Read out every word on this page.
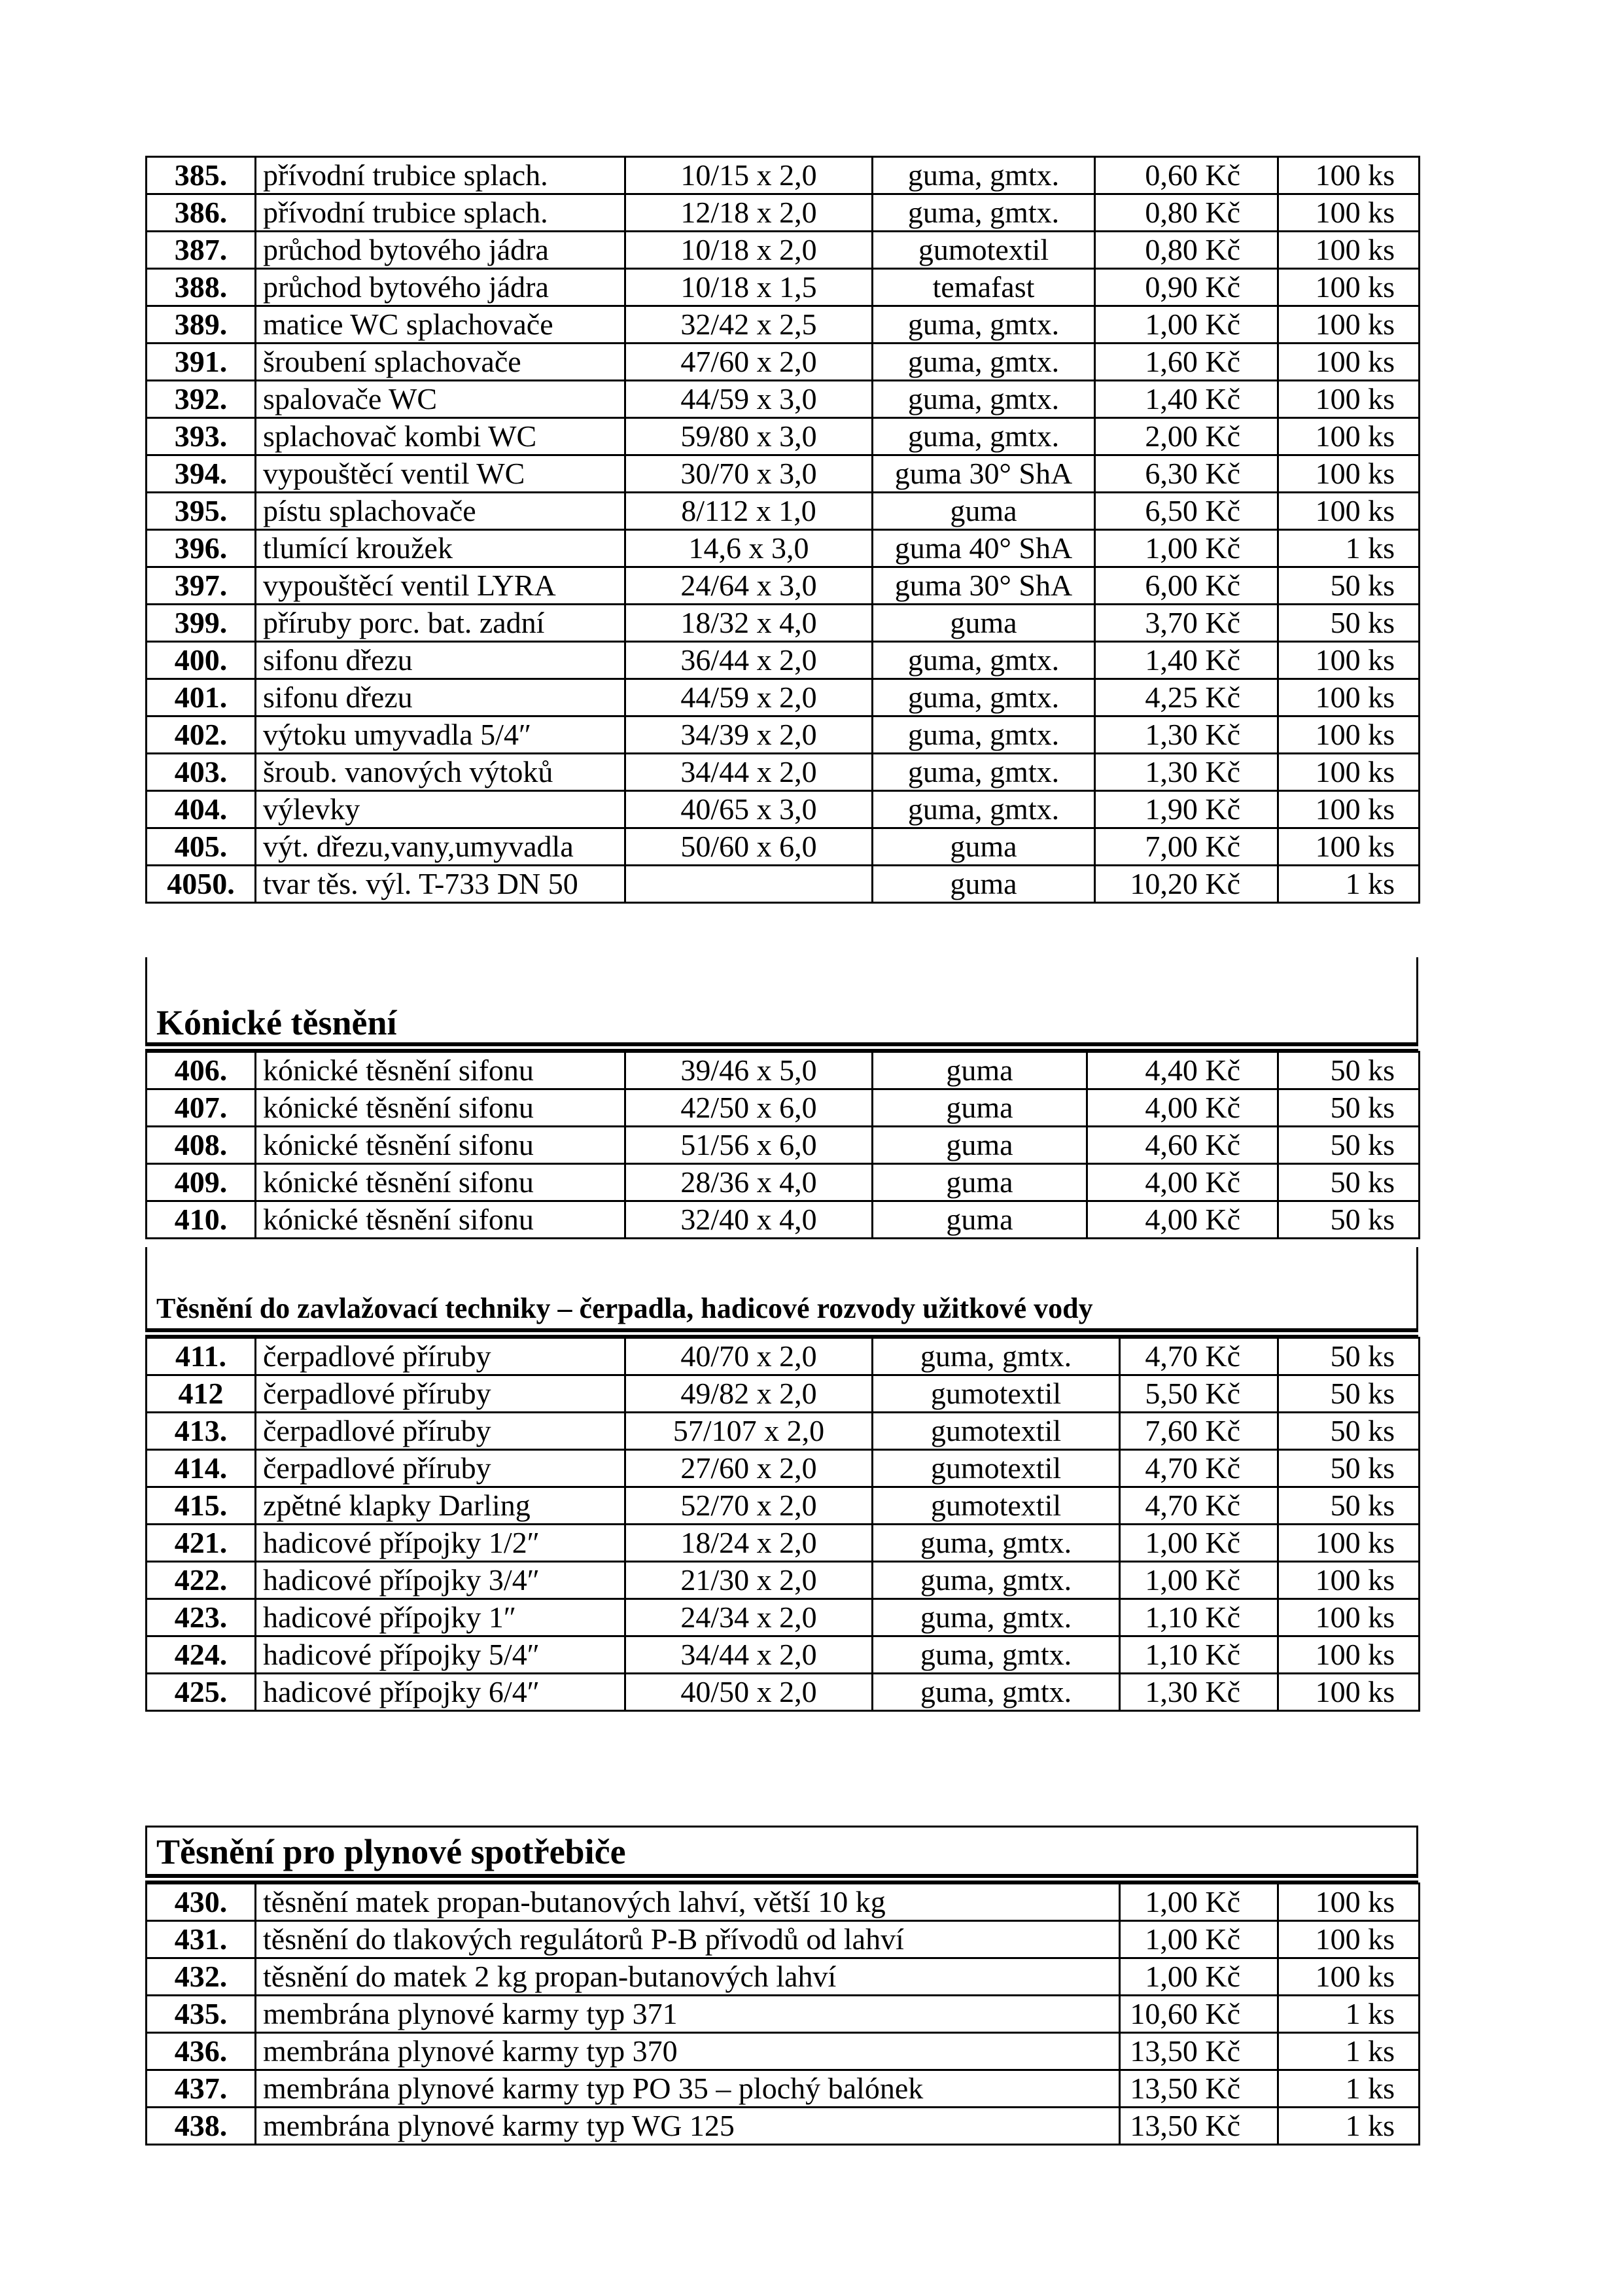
385.	přívodní trubice splach.	10/15 x 2,0	guma, gmtx.	0,60 Kč	100 ks
386.	přívodní trubice splach.	12/18 x 2,0	guma, gmtx.	0,80 Kč	100 ks
387.	průchod bytového jádra	10/18 x 2,0	gumotextil	0,80 Kč	100 ks
388.	průchod bytového jádra	10/18 x 1,5	temafast	0,90 Kč	100 ks
389.	matice WC splachovače	32/42 x 2,5	guma, gmtx.	1,00 Kč	100 ks
391.	šroubení splachovače	47/60 x 2,0	guma, gmtx.	1,60 Kč	100 ks
392.	spalovače WC	44/59 x 3,0	guma, gmtx.	1,40 Kč	100 ks
393.	splachovač kombi WC	59/80 x 3,0	guma, gmtx.	2,00 Kč	100 ks
394.	vypouštěcí ventil WC	30/70 x 3,0	guma 30° ShA	6,30 Kč	100 ks
395.	pístu splachovače	8/112 x 1,0	guma	6,50 Kč	100 ks
396.	tlumící kroužek	14,6 x 3,0	guma 40° ShA	1,00 Kč	1 ks
397.	vypouštěcí ventil LYRA	24/64 x 3,0	guma 30° ShA	6,00 Kč	50 ks
399.	příruby porc. bat. zadní	18/32 x 4,0	guma	3,70 Kč	50 ks
400.	sifonu dřezu	36/44 x 2,0	guma, gmtx.	1,40 Kč	100 ks
401.	sifonu dřezu	44/59 x 2,0	guma, gmtx.	4,25 Kč	100 ks
402.	výtoku umyvadla 5/4″	34/39 x 2,0	guma, gmtx.	1,30 Kč	100 ks
403.	šroub. vanových výtoků	34/44 x 2,0	guma, gmtx.	1,30 Kč	100 ks
404.	výlevky	40/65 x 3,0	guma, gmtx.	1,90 Kč	100 ks
405.	výt. dřezu,vany,umyvadla	50/60 x 6,0	guma	7,00 Kč	100 ks
4050.	tvar těs. výl. T-733 DN 50		guma	10,20 Kč	1 ks
Kónické těsnění
406.	kónické těsnění sifonu	39/46 x 5,0	guma	4,40 Kč	50 ks
407.	kónické těsnění sifonu	42/50 x 6,0	guma	4,00 Kč	50 ks
408.	kónické těsnění sifonu	51/56 x 6,0	guma	4,60 Kč	50 ks
409.	kónické těsnění sifonu	28/36 x 4,0	guma	4,00 Kč	50 ks
410.	kónické těsnění sifonu	32/40 x 4,0	guma	4,00 Kč	50 ks
Těsnění do zavlažovací techniky – čerpadla, hadicové rozvody užitkové vody
411.	čerpadlové příruby	40/70 x 2,0	guma, gmtx.	4,70 Kč	50 ks
412	čerpadlové příruby	49/82 x 2,0	gumotextil	5,50 Kč	50 ks
413.	čerpadlové příruby	57/107 x 2,0	gumotextil	7,60 Kč	50 ks
414.	čerpadlové příruby	27/60 x 2,0	gumotextil	4,70 Kč	50 ks
415.	zpětné klapky Darling	52/70 x 2,0	gumotextil	4,70 Kč	50 ks
421.	hadicové přípojky 1/2″	18/24 x 2,0	guma, gmtx.	1,00 Kč	100 ks
422.	hadicové přípojky 3/4″	21/30 x 2,0	guma, gmtx.	1,00 Kč	100 ks
423.	hadicové přípojky 1″	24/34 x 2,0	guma, gmtx.	1,10 Kč	100 ks
424.	hadicové přípojky 5/4″	34/44 x 2,0	guma, gmtx.	1,10 Kč	100 ks
425.	hadicové přípojky 6/4″	40/50 x 2,0	guma, gmtx.	1,30 Kč	100 ks
Těsnění pro plynové spotřebiče
430.	těsnění matek propan-butanových lahví, větší 10 kg	1,00 Kč	100 ks
431.	těsnění do tlakových regulátorů P-B přívodů od lahví	1,00 Kč	100 ks
432.	těsnění do matek 2 kg propan-butanových lahví	1,00 Kč	100 ks
435.	membrána plynové karmy typ 371	10,60 Kč	1 ks
436.	membrána plynové karmy typ 370	13,50 Kč	1 ks
437.	membrána plynové karmy typ PO 35 – plochý balónek	13,50 Kč	1 ks
438.	membrána plynové karmy typ WG 125	13,50 Kč	1 ks
